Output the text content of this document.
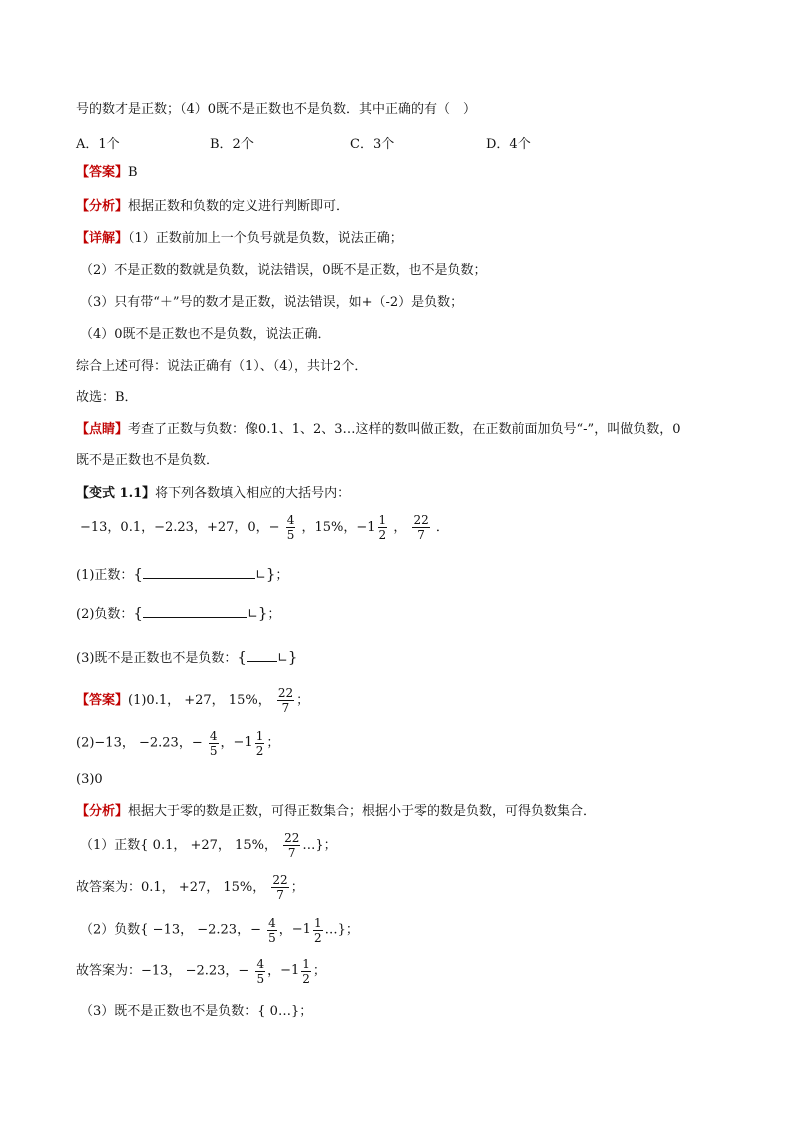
号的数才是正数；（4）0既不是正数也不是负数．其中正确的有（　）
A．1个	B．2个	C．3个	D．4个
【答案】B
【分析】根据正数和负数的定义进行判断即可．
【详解】（1）正数前加上一个负号就是负数，说法正确；
（2）不是正数的数就是负数，说法错误，0既不是正数，也不是负数；
（3）只有带“＋”号的数才是正数，说法错误，如+（-2）是负数；
（4）0既不是正数也不是负数，说法正确．
综合上述可得：说法正确有（1）、（4），共计2个．
故选：B．
【点睛】考查了正数与负数：像0.1、1、2、3…这样的数叫做正数，在正数前面加负号“-”，叫做负数，0
既不是正数也不是负数．
【变式 1.1】将下列各数填入相应的大括号内：
−13，0.1，−2.23，+27，0，− $\frac{4}{5}$ ，15%，$-1 \frac{1}{2}$ ， $\frac{22}{7}$ ．
(1)正数：{	∟}；
(2)负数：{	∟}；
(3)既不是正数也不是负数：{ ∟}
【答案】(1)0.1， +27， 15%， $\frac{22}{7}$ ；
(2)−13， −2.23，− $\frac{4}{5}$ ， $-1 \frac{1}{2}$ ；
(3)0
【分析】根据大于零的数是正数，可得正数集合；根据小于零的数是负数，可得负数集合．
（1）正数{ 0.1， +27， 15%， $\frac{22}{7}$ …}；
故答案为：0.1， +27， 15%， $\frac{22}{7}$ ；
（2）负数{ −13， −2.23，− $\frac{4}{5}$ ， $-1 \frac{1}{2}$ …}；
故答案为：−13， −2.23，− $\frac{4}{5}$ ， $-1 \frac{1}{2}$ ；
（3）既不是正数也不是负数：{ 0…}；
